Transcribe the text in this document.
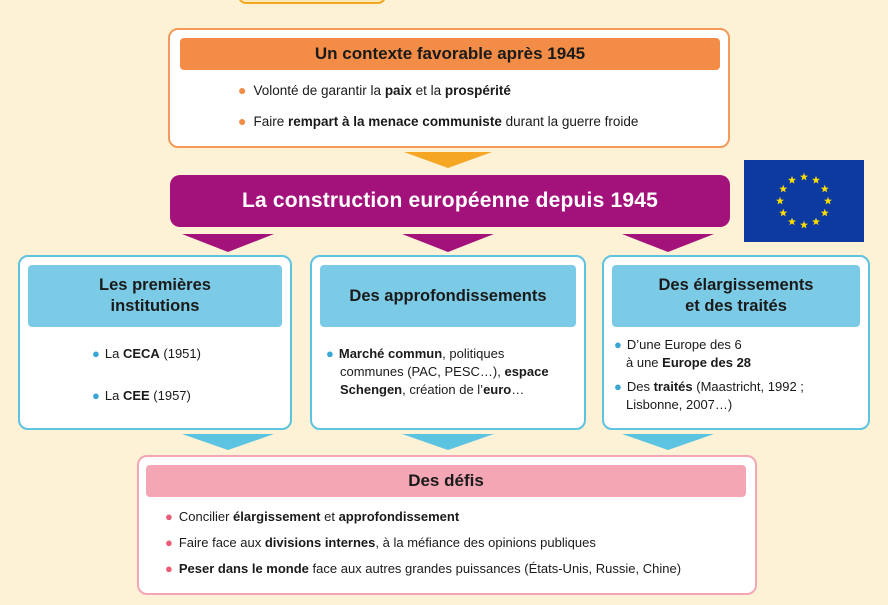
Un contexte favorable après 1945
● Volonté de garantir la paix et la prospérité
● Faire rempart à la menace communiste durant la guerre froide
La construction européenne depuis 1945
Les premières
institutions
● La CECA (1951)
● La CEE (1957)
Des approfondissements
● Marché commun, politiques
communes (PAC, PESC…), espace
Schengen, création de l’euro…
Des élargissements
et des traités
● D’une Europe des 6
à une Europe des 28
● Des traités (Maastricht, 1992 ;
Lisbonne, 2007…)
Des défis
● Concilier élargissement et approfondissement
● Faire face aux divisions internes, à la méfiance des opinions publiques
● Peser dans le monde face aux autres grandes puissances (États-Unis, Russie, Chine)
